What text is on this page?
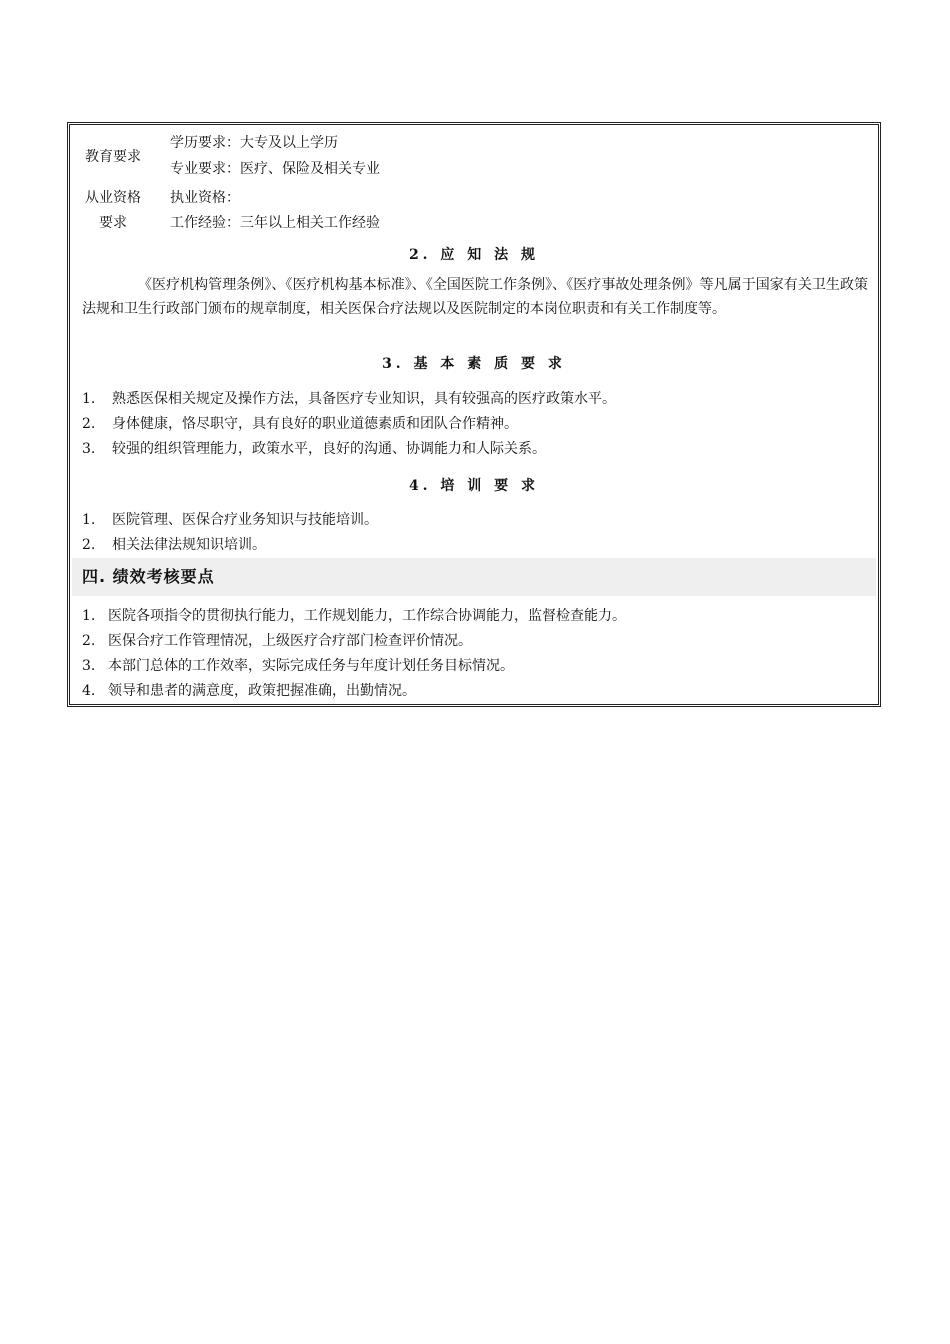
教育要求
学历要求：大专及以上学历
专业要求：医疗、保险及相关专业
从业资格
要求
执业资格：
工作经验：三年以上相关工作经验
2. 应 知 法 规
《医疗机构管理条例》、《医疗机构基本标准》、《全国医院工作条例》、《医疗事故处理条例》等凡属于国家有关卫生政策法规和卫生行政部门颁布的规章制度，相关医保合疗法规以及医院制定的本岗位职责和有关工作制度等。
3. 基 本 素 质 要 求
1. 熟悉医保相关规定及操作方法，具备医疗专业知识，具有较强高的医疗政策水平。
2. 身体健康，恪尽职守，具有良好的职业道德素质和团队合作精神。
3. 较强的组织管理能力，政策水平，良好的沟通、协调能力和人际关系。
4. 培 训 要 求
1. 医院管理、医保合疗业务知识与技能培训。
2. 相关法律法规知识培训。
四. 绩效考核要点
1. 医院各项指令的贯彻执行能力，工作规划能力，工作综合协调能力，监督检查能力。
2. 医保合疗工作管理情况，上级医疗合疗部门检查评价情况。
3. 本部门总体的工作效率，实际完成任务与年度计划任务目标情况。
4. 领导和患者的满意度，政策把握准确，出勤情况。
